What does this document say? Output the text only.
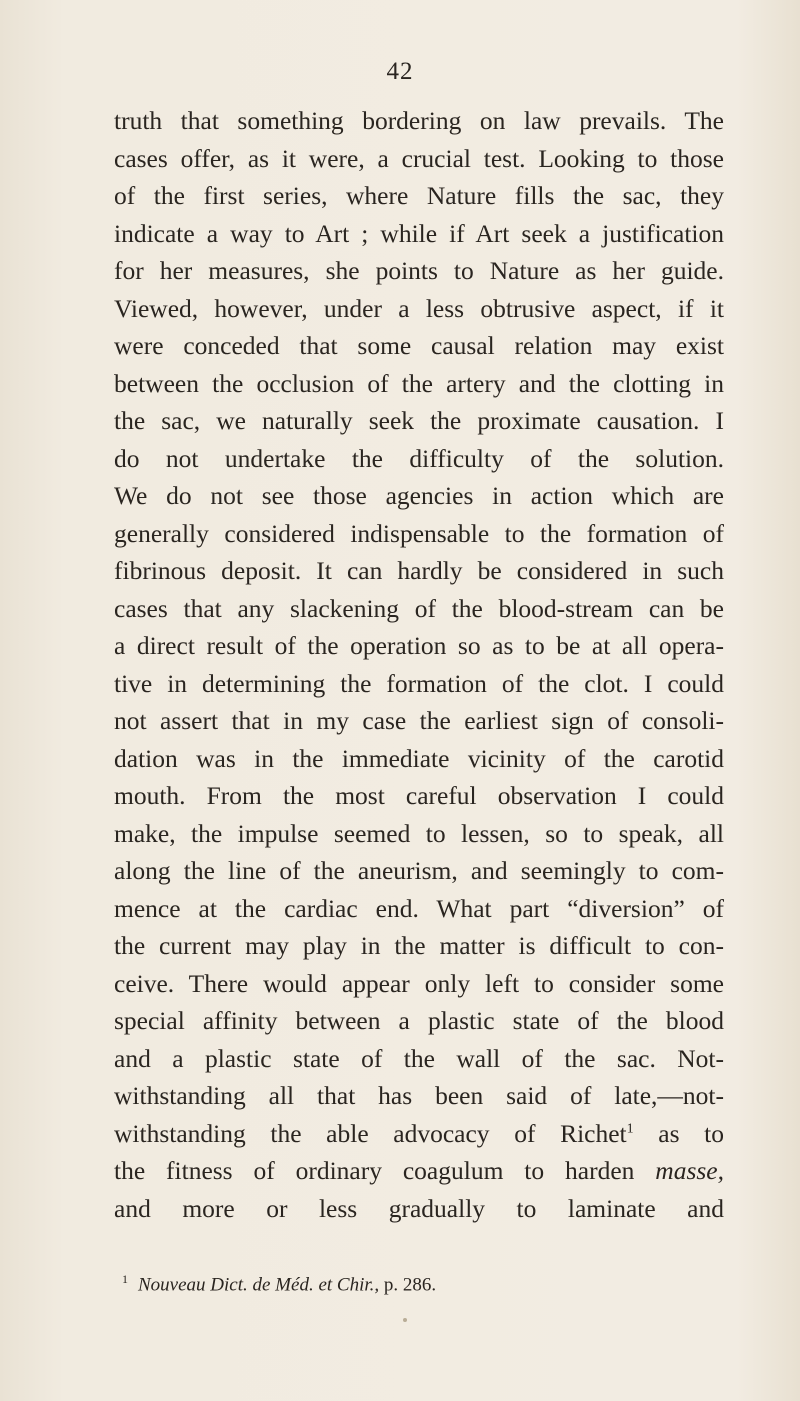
42
truth that something bordering on law prevails. The
cases offer, as it were, a crucial test. Looking to those
of the first series, where Nature fills the sac, they
indicate a way to Art ; while if Art seek a justification
for her measures, she points to Nature as her guide.
Viewed, however, under a less obtrusive aspect, if it
were conceded that some causal relation may exist
between the occlusion of the artery and the clotting in
the sac, we naturally seek the proximate causation. I
do not undertake the difficulty of the solution.
We do not see those agencies in action which are
generally considered indispensable to the formation of
fibrinous deposit. It can hardly be considered in such
cases that any slackening of the blood-stream can be
a direct result of the operation so as to be at all opera-
tive in determining the formation of the clot. I could
not assert that in my case the earliest sign of consoli-
dation was in the immediate vicinity of the carotid
mouth. From the most careful observation I could
make, the impulse seemed to lessen, so to speak, all
along the line of the aneurism, and seemingly to com-
mence at the cardiac end. What part “diversion” of
the current may play in the matter is difficult to con-
ceive. There would appear only left to consider some
special affinity between a plastic state of the blood
and a plastic state of the wall of the sac. Not-
withstanding all that has been said of late,—not-
withstanding the able advocacy of Richet$^1$ as to
the fitness of ordinary coagulum to harden masse,
and more or less gradually to laminate and
$^1$ Nouveau Dict. de Méd. et Chir., p. 286.
